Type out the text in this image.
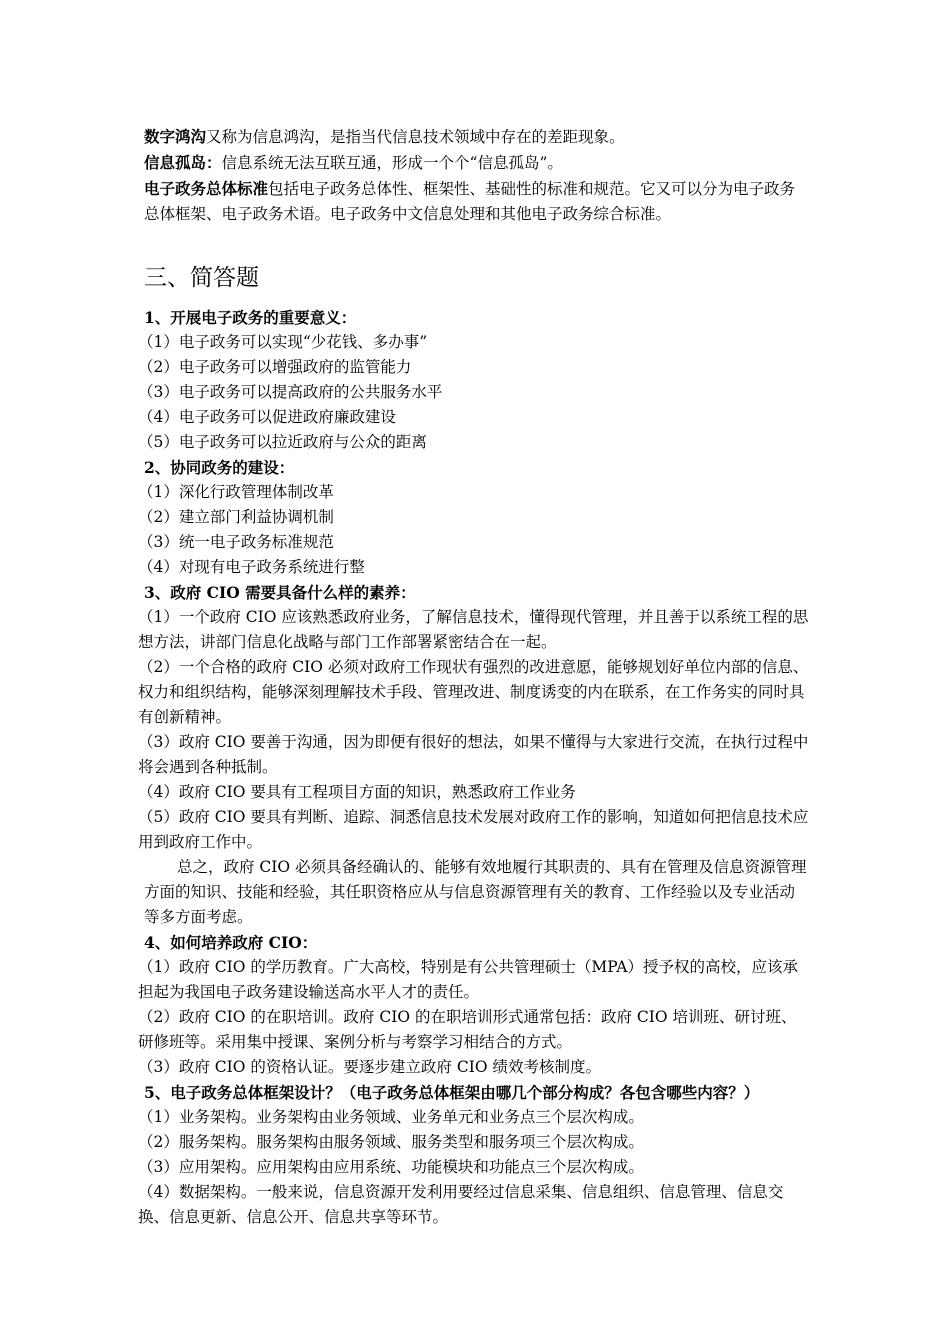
数字鸿沟又称为信息鸿沟，是指当代信息技术领域中存在的差距现象。

信息孤岛：信息系统无法互联互通，形成一个个“信息孤岛”。

电子政务总体标准包括电子政务总体性、框架性、基础性的标准和规范。它又可以分为电子政务总体框架、电子政务术语。电子政务中文信息处理和其他电子政务综合标准。

三、简答题

1、开展电子政务的重要意义：

（1）电子政务可以实现“少花钱、多办事”

（2）电子政务可以增强政府的监管能力

（3）电子政务可以提高政府的公共服务水平

（4）电子政务可以促进政府廉政建设

（5）电子政务可以拉近政府与公众的距离

2、协同政务的建设：

（1）深化行政管理体制改革

（2）建立部门利益协调机制

（3）统一电子政务标准规范

（4）对现有电子政务系统进行整

3、政府 CIO 需要具备什么样的素养：

（1）一个政府 CIO 应该熟悉政府业务，了解信息技术，懂得现代管理，并且善于以系统工程的思想方法，讲部门信息化战略与部门工作部署紧密结合在一起。

（2）一个合格的政府 CIO 必须对政府工作现状有强烈的改进意愿，能够规划好单位内部的信息、权力和组织结构，能够深刻理解技术手段、管理改进、制度诱变的内在联系，在工作务实的同时具有创新精神。

（3）政府 CIO 要善于沟通，因为即便有很好的想法，如果不懂得与大家进行交流，在执行过程中将会遇到各种抵制。

（4）政府 CIO 要具有工程项目方面的知识，熟悉政府工作业务

（5）政府 CIO 要具有判断、追踪、洞悉信息技术发展对政府工作的影响，知道如何把信息技术应用到政府工作中。

总之，政府 CIO 必须具备经确认的、能够有效地履行其职责的、具有在管理及信息资源管理方面的知识、技能和经验，其任职资格应从与信息资源管理有关的教育、工作经验以及专业活动等多方面考虑。

4、如何培养政府 CIO：

（1）政府 CIO 的学历教育。广大高校，特别是有公共管理硕士（MPA）授予权的高校，应该承担起为我国电子政务建设输送高水平人才的责任。

（2）政府 CIO 的在职培训。政府 CIO 的在职培训形式通常包括：政府 CIO 培训班、研讨班、研修班等。采用集中授课、案例分析与考察学习相结合的方式。

（3）政府 CIO 的资格认证。要逐步建立政府 CIO 绩效考核制度。

5、电子政务总体框架设计？（电子政务总体框架由哪几个部分构成？各包含哪些内容？）

（1）业务架构。业务架构由业务领域、业务单元和业务点三个层次构成。

（2）服务架构。服务架构由服务领域、服务类型和服务项三个层次构成。

（3）应用架构。应用架构由应用系统、功能模块和功能点三个层次构成。

（4）数据架构。一般来说，信息资源开发利用要经过信息采集、信息组织、信息管理、信息交换、信息更新、信息公开、信息共享等环节。
